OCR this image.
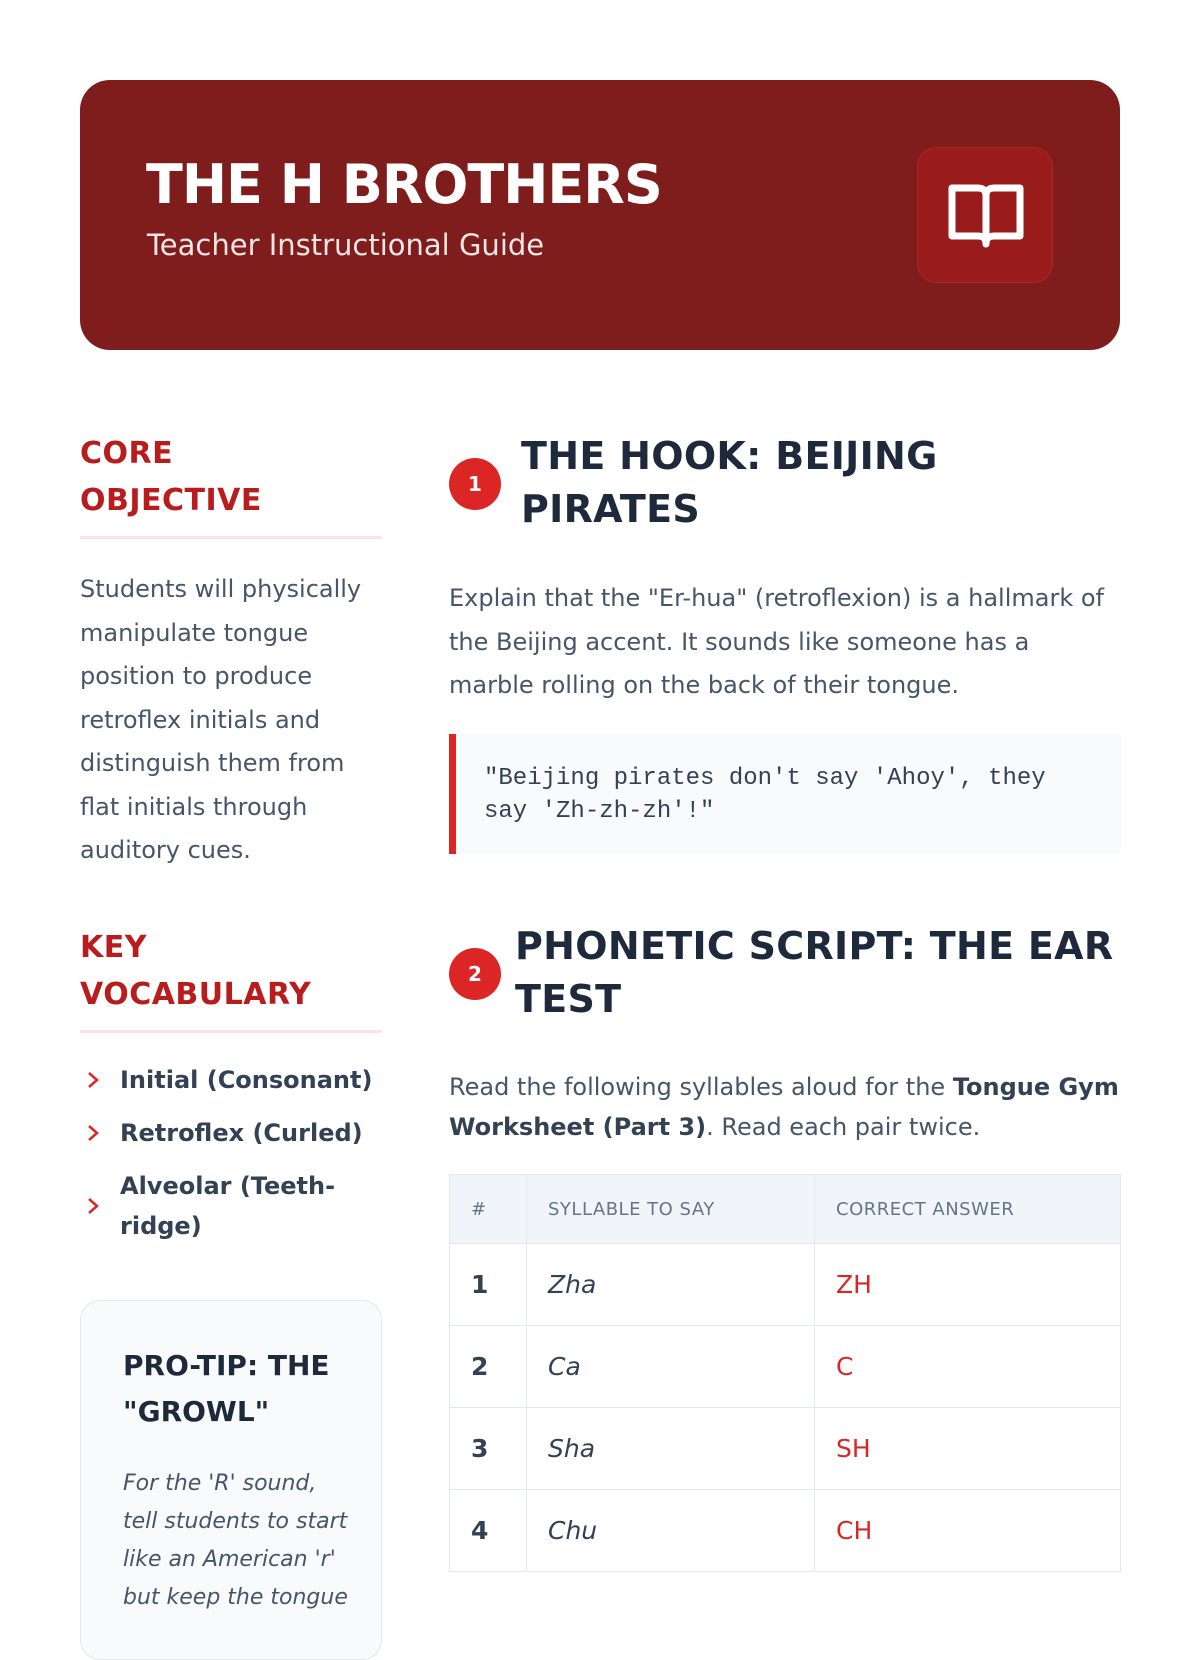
THE H BROTHERS
Teacher Instructional Guide
CORE
OBJECTIVE
Students will physically manipulate tongue position to produce retroflex initials and distinguish them from flat initials through auditory cues.
KEY
VOCABULARY
Initial (Consonant)
Retroflex (Curled)
Alveolar (Teeth-ridge)
PRO-TIP: THE "GROWL"
For the 'R' sound, tell students to start like an American 'r' but keep the tongue
1
THE HOOK: BEIJING PIRATES
Explain that the "Er-hua" (retroflexion) is a hallmark of the Beijing accent. It sounds like someone has a marble rolling on the back of their tongue.
"Beijing pirates don't say 'Ahoy', they say 'Zh-zh-zh'!"
2
PHONETIC SCRIPT: THE EAR TEST
Read the following syllables aloud for the Tongue Gym Worksheet (Part 3). Read each pair twice.
#	SYLLABLE TO SAY	CORRECT ANSWER
1	Zha	ZH
2	Ca	C
3	Sha	SH
4	Chu	CH
